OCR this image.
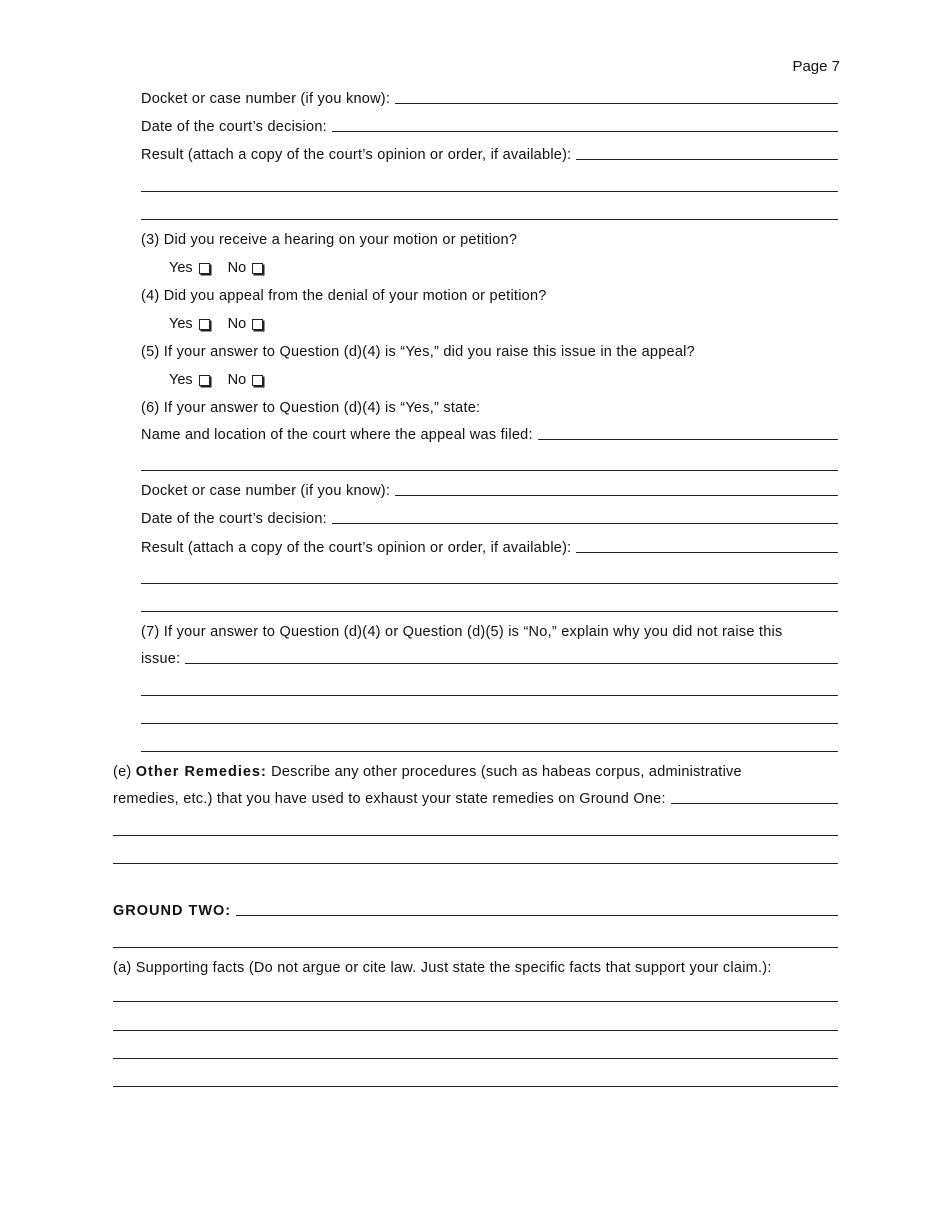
Page 7
Docket or case number (if you know):
Date of the court’s decision:
Result (attach a copy of the court’s opinion or order, if available):
(3) Did you receive a hearing on your motion or petition?
Yes No
(4) Did you appeal from the denial of your motion or petition?
Yes No
(5) If your answer to Question (d)(4) is “Yes,” did you raise this issue in the appeal?
Yes No
(6) If your answer to Question (d)(4) is “Yes,” state:
Name and location of the court where the appeal was filed:
Docket or case number (if you know):
Date of the court’s decision:
Result (attach a copy of the court’s opinion or order, if available):
(7) If your answer to Question (d)(4) or Question (d)(5) is “No,” explain why you did not raise this
issue:
(e) Other Remedies: Describe any other procedures (such as habeas corpus, administrative
remedies, etc.) that you have used to exhaust your state remedies on Ground One:
GROUND TWO:
(a) Supporting facts (Do not argue or cite law. Just state the specific facts that support your claim.):
